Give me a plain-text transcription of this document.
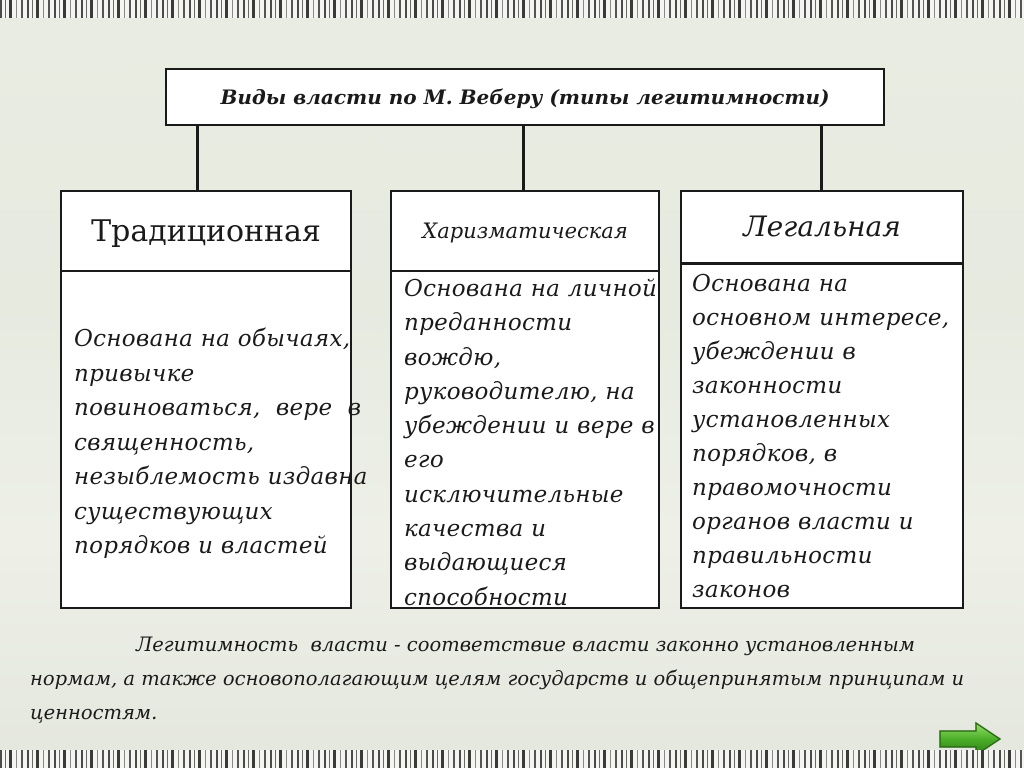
Виды власти по М. Веберу (типы легитимности)
Традиционная
Основана на обычаях,
привычке
повиноваться,  вере  в
священность,
незыблемость издавна
существующих
порядков и властей
Харизматическая
Основана на личной
преданности
вождю,
руководителю, на
убеждении и вере в
его
исключительные
качества и
выдающиеся
способности
Легальная
Основана на
основном интересе,
убеждении в
законности
установленных
порядков, в
правомочности
органов власти и
правильности
законов
Легитимность  власти - соответствие власти законно установленным
нормам, а также основополагающим целям государств и общепринятым принципам и
ценностям.
